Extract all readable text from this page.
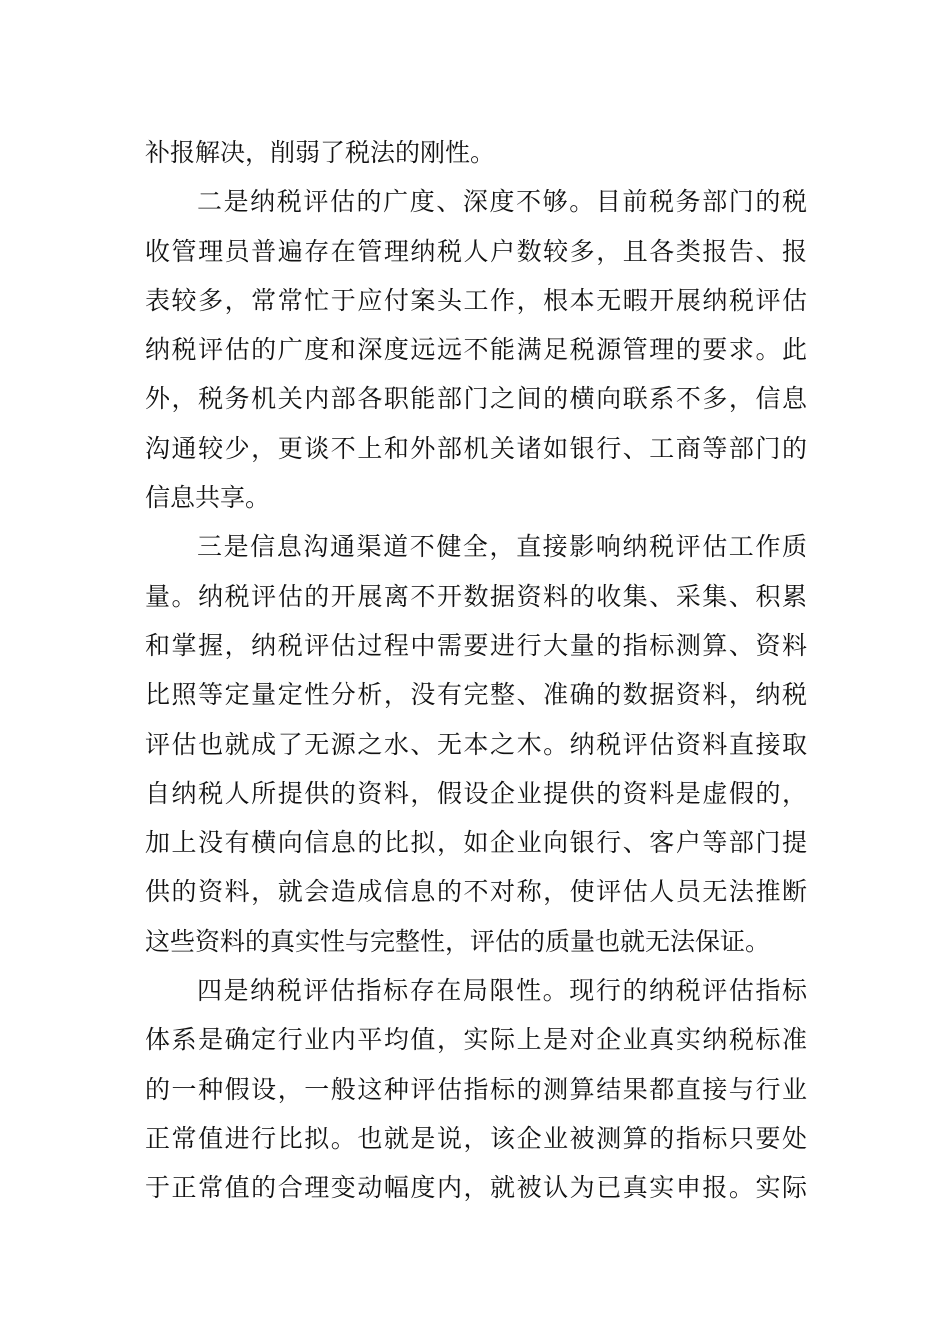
补报解决，削弱了税法的刚性。
二是纳税评估的广度、深度不够。目前税务部门的税
收管理员普遍存在管理纳税人户数较多，且各类报告、报
表较多，常常忙于应付案头工作，根本无暇开展纳税评估
纳税评估的广度和深度远远不能满足税源管理的要求。此
外，税务机关内部各职能部门之间的横向联系不多，信息
沟通较少，更谈不上和外部机关诸如银行、工商等部门的
信息共享。
三是信息沟通渠道不健全，直接影响纳税评估工作质
量。纳税评估的开展离不开数据资料的收集、采集、积累
和掌握，纳税评估过程中需要进行大量的指标测算、资料
比照等定量定性分析，没有完整、准确的数据资料，纳税
评估也就成了无源之水、无本之木。纳税评估资料直接取
自纳税人所提供的资料，假设企业提供的资料是虚假的，
加上没有横向信息的比拟，如企业向银行、客户等部门提
供的资料，就会造成信息的不对称，使评估人员无法推断
这些资料的真实性与完整性，评估的质量也就无法保证。
四是纳税评估指标存在局限性。现行的纳税评估指标
体系是确定行业内平均值，实际上是对企业真实纳税标准
的一种假设，一般这种评估指标的测算结果都直接与行业
正常值进行比拟。也就是说，该企业被测算的指标只要处
于正常值的合理变动幅度内，就被认为已真实申报。实际
